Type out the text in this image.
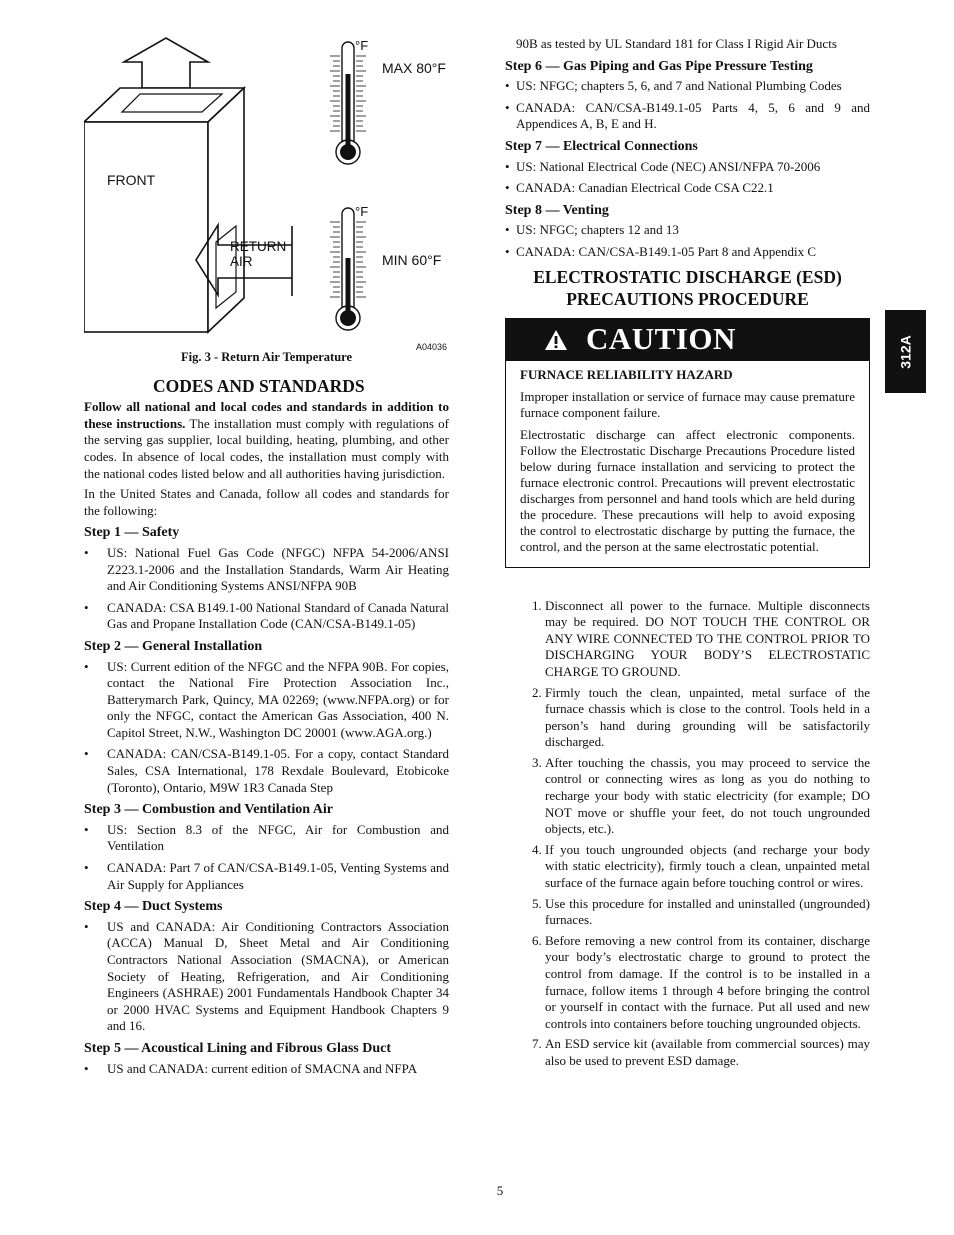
FRONT
RETURN
AIR
°F
MAX 80°F
°F
MIN 60°F
A04036
Fig. 3 - Return Air Temperature
CODES AND STANDARDS

Follow all national and local codes and standards in addition to these instructions. The installation must comply with regulations of the serving gas supplier, local building, heating, plumbing, and other codes. In absence of local codes, the installation must comply with the national codes listed below and all authorities having jurisdiction.

In the United States and Canada, follow all codes and standards for the following:

Step 1 — Safety
• US: National Fuel Gas Code (NFGC) NFPA 54-2006/ANSI Z223.1-2006 and the Installation Standards, Warm Air Heating and Air Conditioning Systems ANSI/NFPA 90B
• CANADA: CSA B149.1-00 National Standard of Canada Natural Gas and Propane Installation Code (CAN/CSA-B149.1-05)
Step 2 — General Installation
• US: Current edition of the NFGC and the NFPA 90B. For copies, contact the National Fire Protection Association Inc., Batterymarch Park, Quincy, MA 02269; (www.NFPA.org) or for only the NFGC, contact the American Gas Association, 400 N. Capitol Street, N.W., Washington DC 20001 (www.AGA.org.)
• CANADA: CAN/CSA-B149.1-05. For a copy, contact Standard Sales, CSA International, 178 Rexdale Boulevard, Etobicoke (Toronto), Ontario, M9W 1R3 Canada Step
Step 3 — Combustion and Ventilation Air
• US: Section 8.3 of the NFGC, Air for Combustion and Ventilation
• CANADA: Part 7 of CAN/CSA-B149.1-05, Venting Systems and Air Supply for Appliances
Step 4 — Duct Systems
• US and CANADA: Air Conditioning Contractors Association (ACCA) Manual D, Sheet Metal and Air Conditioning Contractors National Association (SMACNA), or American Society of Heating, Refrigeration, and Air Conditioning Engineers (ASHRAE) 2001 Fundamentals Handbook Chapter 34 or 2000 HVAC Systems and Equipment Handbook Chapters 9 and 16.
Step 5 — Acoustical Lining and Fibrous Glass Duct
• US and CANADA: current edition of SMACNA and NFPA
90B as tested by UL Standard 181 for Class I Rigid Air Ducts
Step 6 — Gas Piping and Gas Pipe Pressure Testing
• US: NFGC; chapters 5, 6, and 7 and National Plumbing Codes
• CANADA: CAN/CSA-B149.1-05 Parts 4, 5, 6 and 9 and Appendices A, B, E and H.
Step 7 — Electrical Connections
• US: National Electrical Code (NEC) ANSI/NFPA 70-2006
• CANADA: Canadian Electrical Code CSA C22.1
Step 8 — Venting
• US: NFGC; chapters 12 and 13
• CANADA: CAN/CSA-B149.1-05 Part 8 and Appendix C
ELECTROSTATIC DISCHARGE (ESD)
PRECAUTIONS PROCEDURE
CAUTION
FURNACE RELIABILITY HAZARD

Improper installation or service of furnace may cause premature furnace component failure.

Electrostatic discharge can affect electronic components. Follow the Electrostatic Discharge Precautions Procedure listed below during furnace installation and servicing to protect the furnace electronic control. Precautions will prevent electrostatic discharges from personnel and hand tools which are held during the procedure. These precautions will help to avoid exposing the control to electrostatic discharge by putting the furnace, the control, and the person at the same electrostatic potential.

1. Disconnect all power to the furnace. Multiple disconnects may be required. DO NOT TOUCH THE CONTROL OR ANY WIRE CONNECTED TO THE CONTROL PRIOR TO DISCHARGING YOUR BODY’S ELECTROSTATIC CHARGE TO GROUND.
2. Firmly touch the clean, unpainted, metal surface of the furnace chassis which is close to the control. Tools held in a person’s hand during grounding will be satisfactorily discharged.
3. After touching the chassis, you may proceed to service the control or connecting wires as long as you do nothing to recharge your body with static electricity (for example; DO NOT move or shuffle your feet, do not touch ungrounded objects, etc.).
4. If you touch ungrounded objects (and recharge your body with static electricity), firmly touch a clean, unpainted metal surface of the furnace again before touching control or wires.
5. Use this procedure for installed and uninstalled (ungrounded) furnaces.
6. Before removing a new control from its container, discharge your body’s electrostatic charge to ground to protect the control from damage. If the control is to be installed in a furnace, follow items 1 through 4 before bringing the control or yourself in contact with the furnace. Put all used and new controls into containers before touching ungrounded objects.
7. An ESD service kit (available from commercial sources) may also be used to prevent ESD damage.
312A
5
